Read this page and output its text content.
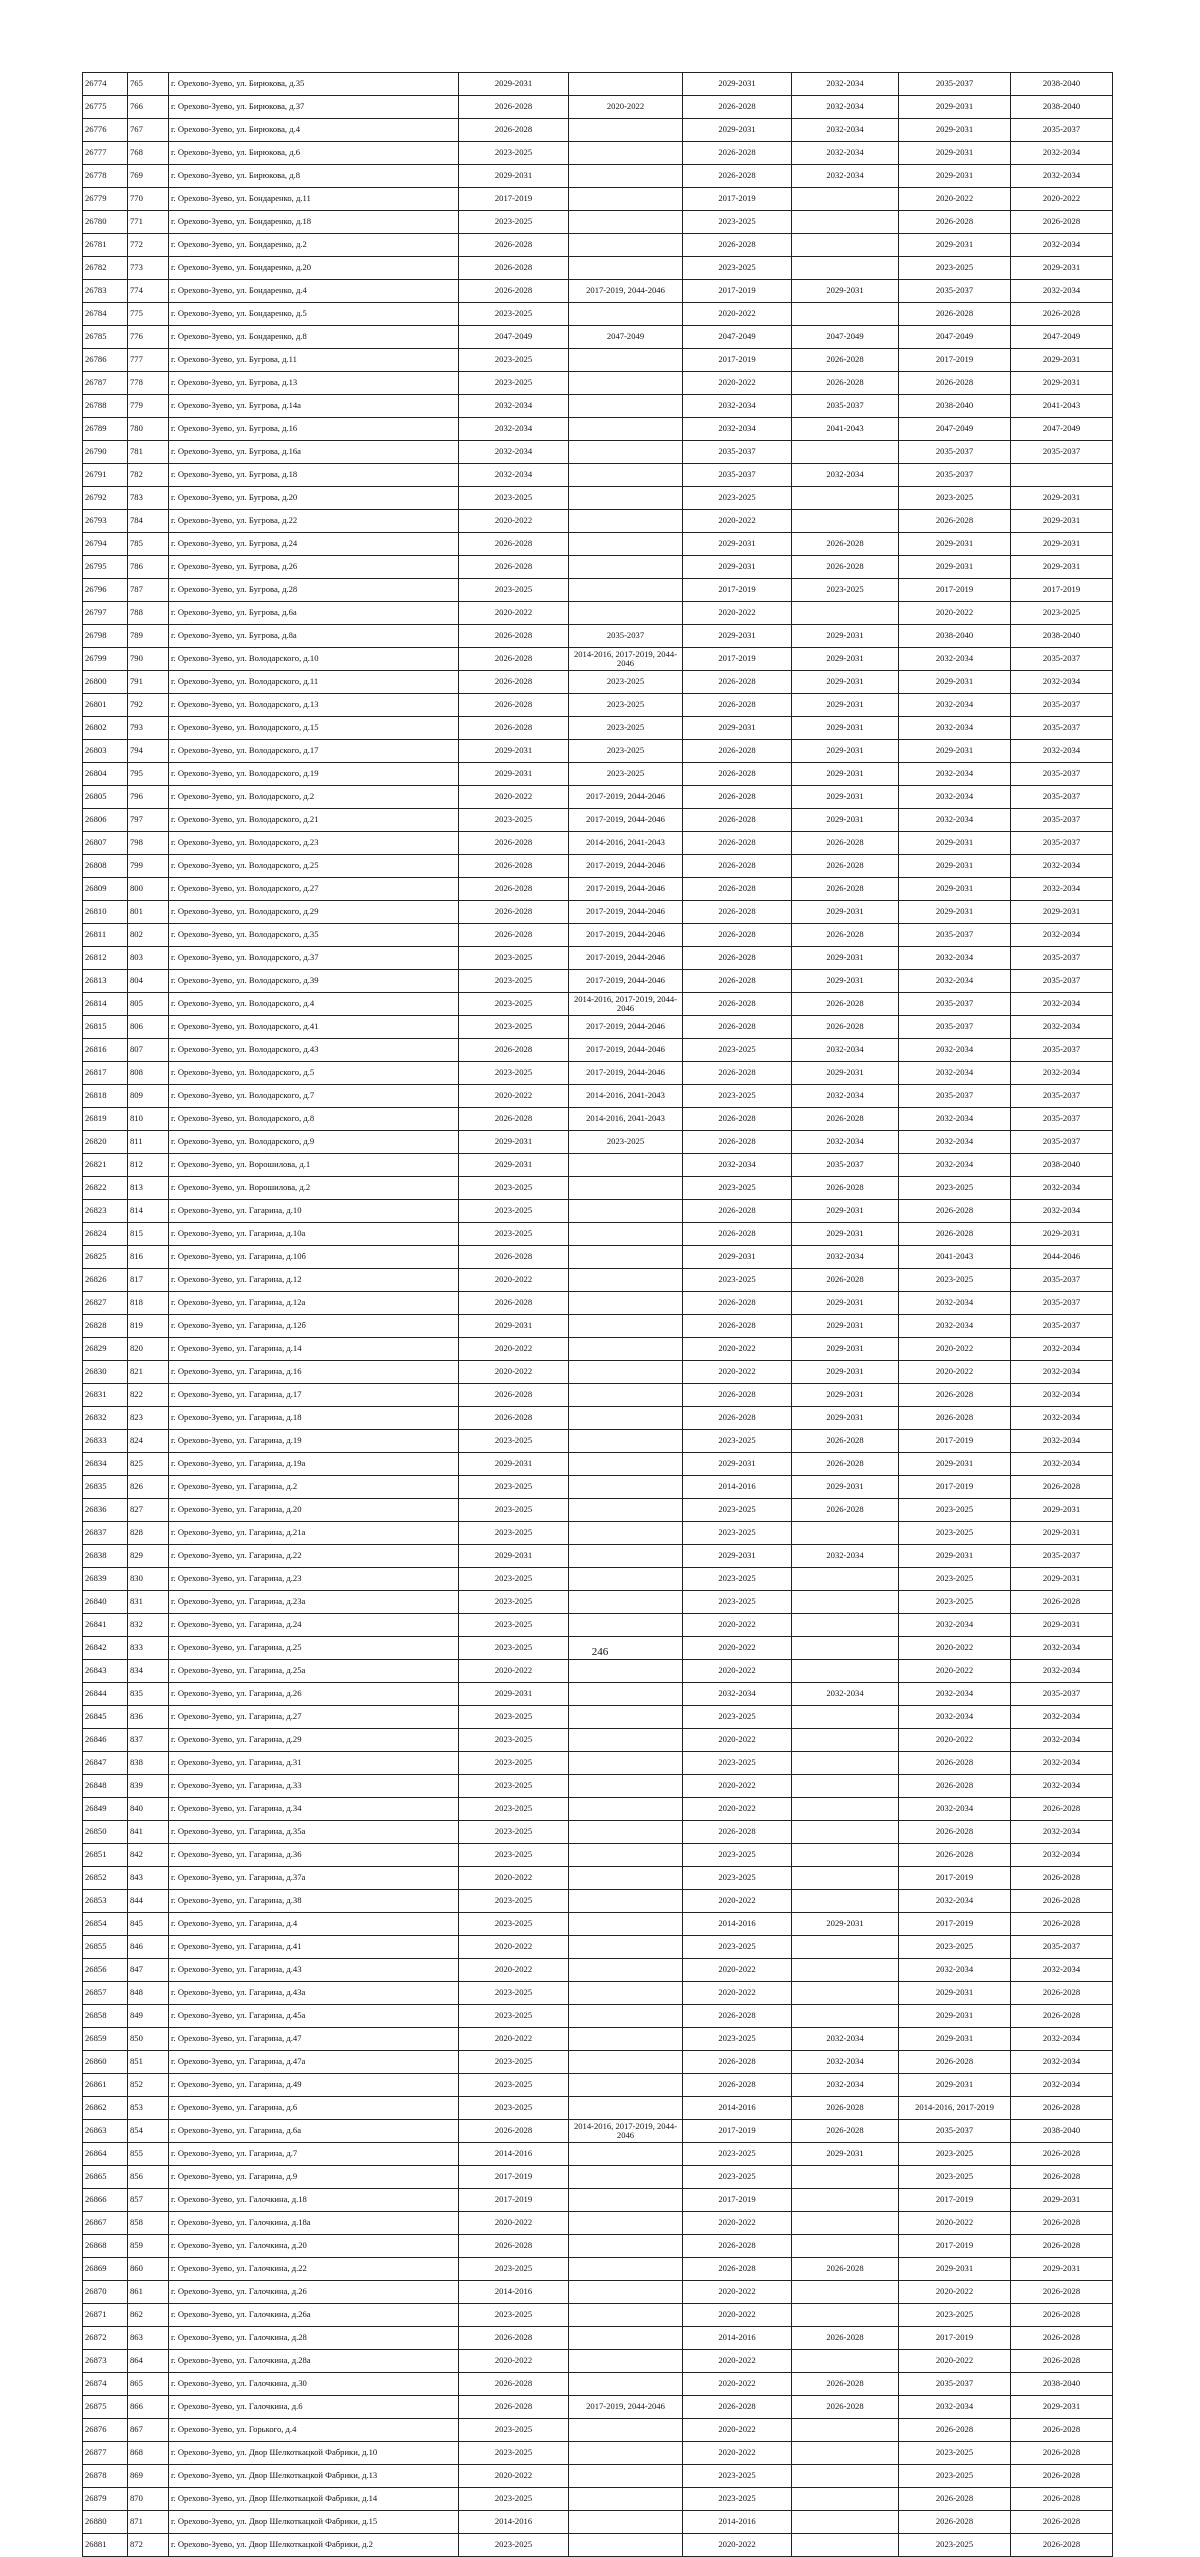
26774	765	г. Орехово-Зуево, ул. Бирюкова, д.35	2029-2031		2029-2031	2032-2034	2035-2037	2038-2040
26775	766	г. Орехово-Зуево, ул. Бирюкова, д.37	2026-2028	2020-2022	2026-2028	2032-2034	2029-2031	2038-2040
26776	767	г. Орехово-Зуево, ул. Бирюкова, д.4	2026-2028		2029-2031	2032-2034	2029-2031	2035-2037
26777	768	г. Орехово-Зуево, ул. Бирюкова, д.6	2023-2025		2026-2028	2032-2034	2029-2031	2032-2034
26778	769	г. Орехово-Зуево, ул. Бирюкова, д.8	2029-2031		2026-2028	2032-2034	2029-2031	2032-2034
26779	770	г. Орехово-Зуево, ул. Бондаренко, д.11	2017-2019		2017-2019		2020-2022	2020-2022
26780	771	г. Орехово-Зуево, ул. Бондаренко, д.18	2023-2025		2023-2025		2026-2028	2026-2028
26781	772	г. Орехово-Зуево, ул. Бондаренко, д.2	2026-2028		2026-2028		2029-2031	2032-2034
26782	773	г. Орехово-Зуево, ул. Бондаренко, д.20	2026-2028		2023-2025		2023-2025	2029-2031
26783	774	г. Орехово-Зуево, ул. Бондаренко, д.4	2026-2028	2017-2019, 2044-2046	2017-2019	2029-2031	2035-2037	2032-2034
26784	775	г. Орехово-Зуево, ул. Бондаренко, д.5	2023-2025		2020-2022		2026-2028	2026-2028
26785	776	г. Орехово-Зуево, ул. Бондаренко, д.8	2047-2049	2047-2049	2047-2049	2047-2049	2047-2049	2047-2049
26786	777	г. Орехово-Зуево, ул. Бугрова, д.11	2023-2025		2017-2019	2026-2028	2017-2019	2029-2031
26787	778	г. Орехово-Зуево, ул. Бугрова, д.13	2023-2025		2020-2022	2026-2028	2026-2028	2029-2031
26788	779	г. Орехово-Зуево, ул. Бугрова, д.14а	2032-2034		2032-2034	2035-2037	2038-2040	2041-2043
26789	780	г. Орехово-Зуево, ул. Бугрова, д.16	2032-2034		2032-2034	2041-2043	2047-2049	2047-2049
26790	781	г. Орехово-Зуево, ул. Бугрова, д.16а	2032-2034		2035-2037		2035-2037	2035-2037
26791	782	г. Орехово-Зуево, ул. Бугрова, д.18	2032-2034		2035-2037	2032-2034	2035-2037	
26792	783	г. Орехово-Зуево, ул. Бугрова, д.20	2023-2025		2023-2025		2023-2025	2029-2031
26793	784	г. Орехово-Зуево, ул. Бугрова, д.22	2020-2022		2020-2022		2026-2028	2029-2031
26794	785	г. Орехово-Зуево, ул. Бугрова, д.24	2026-2028		2029-2031	2026-2028	2029-2031	2029-2031
26795	786	г. Орехово-Зуево, ул. Бугрова, д.26	2026-2028		2029-2031	2026-2028	2029-2031	2029-2031
26796	787	г. Орехово-Зуево, ул. Бугрова, д.28	2023-2025		2017-2019	2023-2025	2017-2019	2017-2019
26797	788	г. Орехово-Зуево, ул. Бугрова, д.6а	2020-2022		2020-2022		2020-2022	2023-2025
26798	789	г. Орехово-Зуево, ул. Бугрова, д.8а	2026-2028	2035-2037	2029-2031	2029-2031	2038-2040	2038-2040
26799	790	г. Орехово-Зуево, ул. Володарского, д.10	2026-2028	2014-2016, 2017-2019, 2044-2046	2017-2019	2029-2031	2032-2034	2035-2037
26800	791	г. Орехово-Зуево, ул. Володарского, д.11	2026-2028	2023-2025	2026-2028	2029-2031	2029-2031	2032-2034
26801	792	г. Орехово-Зуево, ул. Володарского, д.13	2026-2028	2023-2025	2026-2028	2029-2031	2032-2034	2035-2037
26802	793	г. Орехово-Зуево, ул. Володарского, д.15	2026-2028	2023-2025	2029-2031	2029-2031	2032-2034	2035-2037
26803	794	г. Орехово-Зуево, ул. Володарского, д.17	2029-2031	2023-2025	2026-2028	2029-2031	2029-2031	2032-2034
26804	795	г. Орехово-Зуево, ул. Володарского, д.19	2029-2031	2023-2025	2026-2028	2029-2031	2032-2034	2035-2037
26805	796	г. Орехово-Зуево, ул. Володарского, д.2	2020-2022	2017-2019, 2044-2046	2026-2028	2029-2031	2032-2034	2035-2037
26806	797	г. Орехово-Зуево, ул. Володарского, д.21	2023-2025	2017-2019, 2044-2046	2026-2028	2029-2031	2032-2034	2035-2037
26807	798	г. Орехово-Зуево, ул. Володарского, д.23	2026-2028	2014-2016, 2041-2043	2026-2028	2026-2028	2029-2031	2035-2037
26808	799	г. Орехово-Зуево, ул. Володарского, д.25	2026-2028	2017-2019, 2044-2046	2026-2028	2026-2028	2029-2031	2032-2034
26809	800	г. Орехово-Зуево, ул. Володарского, д.27	2026-2028	2017-2019, 2044-2046	2026-2028	2026-2028	2029-2031	2032-2034
26810	801	г. Орехово-Зуево, ул. Володарского, д.29	2026-2028	2017-2019, 2044-2046	2026-2028	2029-2031	2029-2031	2029-2031
26811	802	г. Орехово-Зуево, ул. Володарского, д.35	2026-2028	2017-2019, 2044-2046	2026-2028	2026-2028	2035-2037	2032-2034
26812	803	г. Орехово-Зуево, ул. Володарского, д.37	2023-2025	2017-2019, 2044-2046	2026-2028	2029-2031	2032-2034	2035-2037
26813	804	г. Орехово-Зуево, ул. Володарского, д.39	2023-2025	2017-2019, 2044-2046	2026-2028	2029-2031	2032-2034	2035-2037
26814	805	г. Орехово-Зуево, ул. Володарского, д.4	2023-2025	2014-2016, 2017-2019, 2044-2046	2026-2028	2026-2028	2035-2037	2032-2034
26815	806	г. Орехово-Зуево, ул. Володарского, д.41	2023-2025	2017-2019, 2044-2046	2026-2028	2026-2028	2035-2037	2032-2034
26816	807	г. Орехово-Зуево, ул. Володарского, д.43	2026-2028	2017-2019, 2044-2046	2023-2025	2032-2034	2032-2034	2035-2037
26817	808	г. Орехово-Зуево, ул. Володарского, д.5	2023-2025	2017-2019, 2044-2046	2026-2028	2029-2031	2032-2034	2032-2034
26818	809	г. Орехово-Зуево, ул. Володарского, д.7	2020-2022	2014-2016, 2041-2043	2023-2025	2032-2034	2035-2037	2035-2037
26819	810	г. Орехово-Зуево, ул. Володарского, д.8	2026-2028	2014-2016, 2041-2043	2026-2028	2026-2028	2032-2034	2035-2037
26820	811	г. Орехово-Зуево, ул. Володарского, д.9	2029-2031	2023-2025	2026-2028	2032-2034	2032-2034	2035-2037
26821	812	г. Орехово-Зуево, ул. Ворошилова, д.1	2029-2031		2032-2034	2035-2037	2032-2034	2038-2040
26822	813	г. Орехово-Зуево, ул. Ворошилова, д.2	2023-2025		2023-2025	2026-2028	2023-2025	2032-2034
26823	814	г. Орехово-Зуево, ул. Гагарина, д.10	2023-2025		2026-2028	2029-2031	2026-2028	2032-2034
26824	815	г. Орехово-Зуево, ул. Гагарина, д.10а	2023-2025		2026-2028	2029-2031	2026-2028	2029-2031
26825	816	г. Орехово-Зуево, ул. Гагарина, д.10б	2026-2028		2029-2031	2032-2034	2041-2043	2044-2046
26826	817	г. Орехово-Зуево, ул. Гагарина, д.12	2020-2022		2023-2025	2026-2028	2023-2025	2035-2037
26827	818	г. Орехово-Зуево, ул. Гагарина, д.12а	2026-2028		2026-2028	2029-2031	2032-2034	2035-2037
26828	819	г. Орехово-Зуево, ул. Гагарина, д.12б	2029-2031		2026-2028	2029-2031	2032-2034	2035-2037
26829	820	г. Орехово-Зуево, ул. Гагарина, д.14	2020-2022		2020-2022	2029-2031	2020-2022	2032-2034
26830	821	г. Орехово-Зуево, ул. Гагарина, д.16	2020-2022		2020-2022	2029-2031	2020-2022	2032-2034
26831	822	г. Орехово-Зуево, ул. Гагарина, д.17	2026-2028		2026-2028	2029-2031	2026-2028	2032-2034
26832	823	г. Орехово-Зуево, ул. Гагарина, д.18	2026-2028		2026-2028	2029-2031	2026-2028	2032-2034
26833	824	г. Орехово-Зуево, ул. Гагарина, д.19	2023-2025		2023-2025	2026-2028	2017-2019	2032-2034
26834	825	г. Орехово-Зуево, ул. Гагарина, д.19а	2029-2031		2029-2031	2026-2028	2029-2031	2032-2034
26835	826	г. Орехово-Зуево, ул. Гагарина, д.2	2023-2025		2014-2016	2029-2031	2017-2019	2026-2028
26836	827	г. Орехово-Зуево, ул. Гагарина, д.20	2023-2025		2023-2025	2026-2028	2023-2025	2029-2031
26837	828	г. Орехово-Зуево, ул. Гагарина, д.21а	2023-2025		2023-2025		2023-2025	2029-2031
26838	829	г. Орехово-Зуево, ул. Гагарина, д.22	2029-2031		2029-2031	2032-2034	2029-2031	2035-2037
26839	830	г. Орехово-Зуево, ул. Гагарина, д.23	2023-2025		2023-2025		2023-2025	2029-2031
26840	831	г. Орехово-Зуево, ул. Гагарина, д.23а	2023-2025		2023-2025		2023-2025	2026-2028
26841	832	г. Орехово-Зуево, ул. Гагарина, д.24	2023-2025		2020-2022		2032-2034	2029-2031
26842	833	г. Орехово-Зуево, ул. Гагарина, д.25	2023-2025		2020-2022		2020-2022	2032-2034
26843	834	г. Орехово-Зуево, ул. Гагарина, д.25а	2020-2022		2020-2022		2020-2022	2032-2034
26844	835	г. Орехово-Зуево, ул. Гагарина, д.26	2029-2031		2032-2034	2032-2034	2032-2034	2035-2037
26845	836	г. Орехово-Зуево, ул. Гагарина, д.27	2023-2025		2023-2025		2032-2034	2032-2034
26846	837	г. Орехово-Зуево, ул. Гагарина, д.29	2023-2025		2020-2022		2020-2022	2032-2034
26847	838	г. Орехово-Зуево, ул. Гагарина, д.31	2023-2025		2023-2025		2026-2028	2032-2034
26848	839	г. Орехово-Зуево, ул. Гагарина, д.33	2023-2025		2020-2022		2026-2028	2032-2034
26849	840	г. Орехово-Зуево, ул. Гагарина, д.34	2023-2025		2020-2022		2032-2034	2026-2028
26850	841	г. Орехово-Зуево, ул. Гагарина, д.35а	2023-2025		2026-2028		2026-2028	2032-2034
26851	842	г. Орехово-Зуево, ул. Гагарина, д.36	2023-2025		2023-2025		2026-2028	2032-2034
26852	843	г. Орехово-Зуево, ул. Гагарина, д.37а	2020-2022		2023-2025		2017-2019	2026-2028
26853	844	г. Орехово-Зуево, ул. Гагарина, д.38	2023-2025		2020-2022		2032-2034	2026-2028
26854	845	г. Орехово-Зуево, ул. Гагарина, д.4	2023-2025		2014-2016	2029-2031	2017-2019	2026-2028
26855	846	г. Орехово-Зуево, ул. Гагарина, д.41	2020-2022		2023-2025		2023-2025	2035-2037
26856	847	г. Орехово-Зуево, ул. Гагарина, д.43	2020-2022		2020-2022		2032-2034	2032-2034
26857	848	г. Орехово-Зуево, ул. Гагарина, д.43а	2023-2025		2020-2022		2029-2031	2026-2028
26858	849	г. Орехово-Зуево, ул. Гагарина, д.45а	2023-2025		2026-2028		2029-2031	2026-2028
26859	850	г. Орехово-Зуево, ул. Гагарина, д.47	2020-2022		2023-2025	2032-2034	2029-2031	2032-2034
26860	851	г. Орехово-Зуево, ул. Гагарина, д.47а	2023-2025		2026-2028	2032-2034	2026-2028	2032-2034
26861	852	г. Орехово-Зуево, ул. Гагарина, д.49	2023-2025		2026-2028	2032-2034	2029-2031	2032-2034
26862	853	г. Орехово-Зуево, ул. Гагарина, д.6	2023-2025		2014-2016	2026-2028	2014-2016, 2017-2019	2026-2028
26863	854	г. Орехово-Зуево, ул. Гагарина, д.6а	2026-2028	2014-2016, 2017-2019, 2044-2046	2017-2019	2026-2028	2035-2037	2038-2040
26864	855	г. Орехово-Зуево, ул. Гагарина, д.7	2014-2016		2023-2025	2029-2031	2023-2025	2026-2028
26865	856	г. Орехово-Зуево, ул. Гагарина, д.9	2017-2019		2023-2025		2023-2025	2026-2028
26866	857	г. Орехово-Зуево, ул. Галочкина, д.18	2017-2019		2017-2019		2017-2019	2029-2031
26867	858	г. Орехово-Зуево, ул. Галочкина, д.18а	2020-2022		2020-2022		2020-2022	2026-2028
26868	859	г. Орехово-Зуево, ул. Галочкина, д.20	2026-2028		2026-2028		2017-2019	2026-2028
26869	860	г. Орехово-Зуево, ул. Галочкина, д.22	2023-2025		2026-2028	2026-2028	2029-2031	2029-2031
26870	861	г. Орехово-Зуево, ул. Галочкина, д.26	2014-2016		2020-2022		2020-2022	2026-2028
26871	862	г. Орехово-Зуево, ул. Галочкина, д.26а	2023-2025		2020-2022		2023-2025	2026-2028
26872	863	г. Орехово-Зуево, ул. Галочкина, д.28	2026-2028		2014-2016	2026-2028	2017-2019	2026-2028
26873	864	г. Орехово-Зуево, ул. Галочкина, д.28а	2020-2022		2020-2022		2020-2022	2026-2028
26874	865	г. Орехово-Зуево, ул. Галочкина, д.30	2026-2028		2020-2022	2026-2028	2035-2037	2038-2040
26875	866	г. Орехово-Зуево, ул. Галочкина, д.6	2026-2028	2017-2019, 2044-2046	2026-2028	2026-2028	2032-2034	2029-2031
26876	867	г. Орехово-Зуево, ул. Горького, д.4	2023-2025		2020-2022		2026-2028	2026-2028
26877	868	г. Орехово-Зуево, ул. Двор Шелкоткацкой Фабрики, д.10	2023-2025		2020-2022		2023-2025	2026-2028
26878	869	г. Орехово-Зуево, ул. Двор Шелкоткацкой Фабрики, д.13	2020-2022		2023-2025		2023-2025	2026-2028
26879	870	г. Орехово-Зуево, ул. Двор Шелкоткацкой Фабрики, д.14	2023-2025		2023-2025		2026-2028	2026-2028
26880	871	г. Орехово-Зуево, ул. Двор Шелкоткацкой Фабрики, д.15	2014-2016		2014-2016		2026-2028	2026-2028
26881	872	г. Орехово-Зуево, ул. Двор Шелкоткацкой Фабрики, д.2	2023-2025		2020-2022		2023-2025	2026-2028
246
